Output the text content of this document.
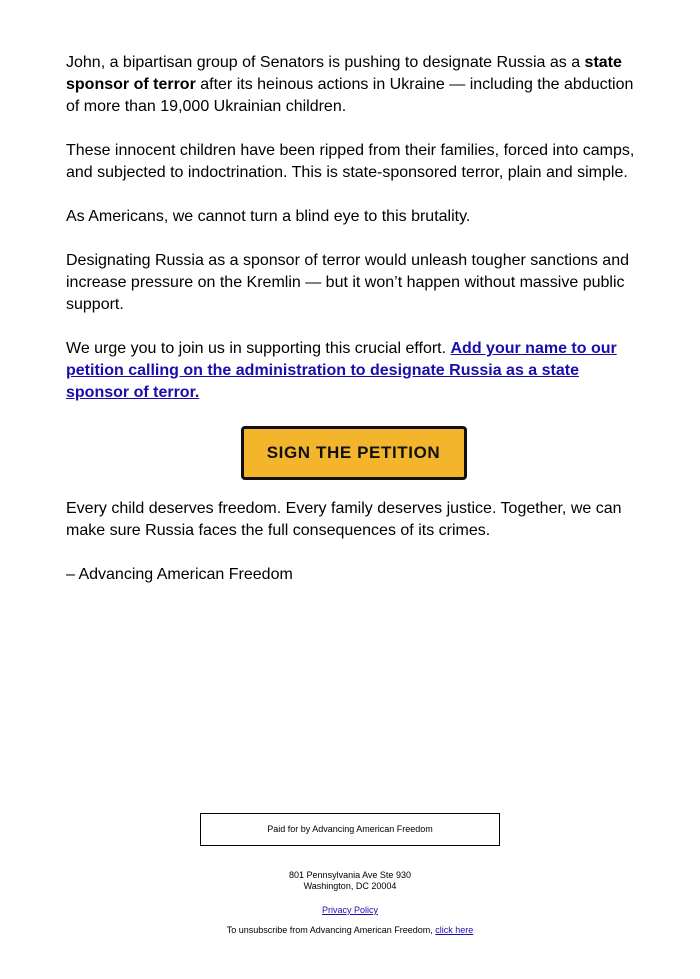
John, a bipartisan group of Senators is pushing to designate Russia as a state sponsor of terror after its heinous actions in Ukraine — including the abduction of more than 19,000 Ukrainian children.

These innocent children have been ripped from their families, forced into camps, and subjected to indoctrination. This is state-sponsored terror, plain and simple.

As Americans, we cannot turn a blind eye to this brutality.

Designating Russia as a sponsor of terror would unleash tougher sanctions and increase pressure on the Kremlin — but it won’t happen without massive public support.

We urge you to join us in supporting this crucial effort. Add your name to our petition calling on the administration to designate Russia as a state sponsor of terror.

SIGN THE PETITION

Every child deserves freedom. Every family deserves justice. Together, we can make sure Russia faces the full consequences of its crimes.

– Advancing American Freedom

Paid for by Advancing American Freedom
801 Pennsylvania Ave Ste 930
Washington, DC 20004
Privacy Policy
To unsubscribe from Advancing American Freedom, click here
